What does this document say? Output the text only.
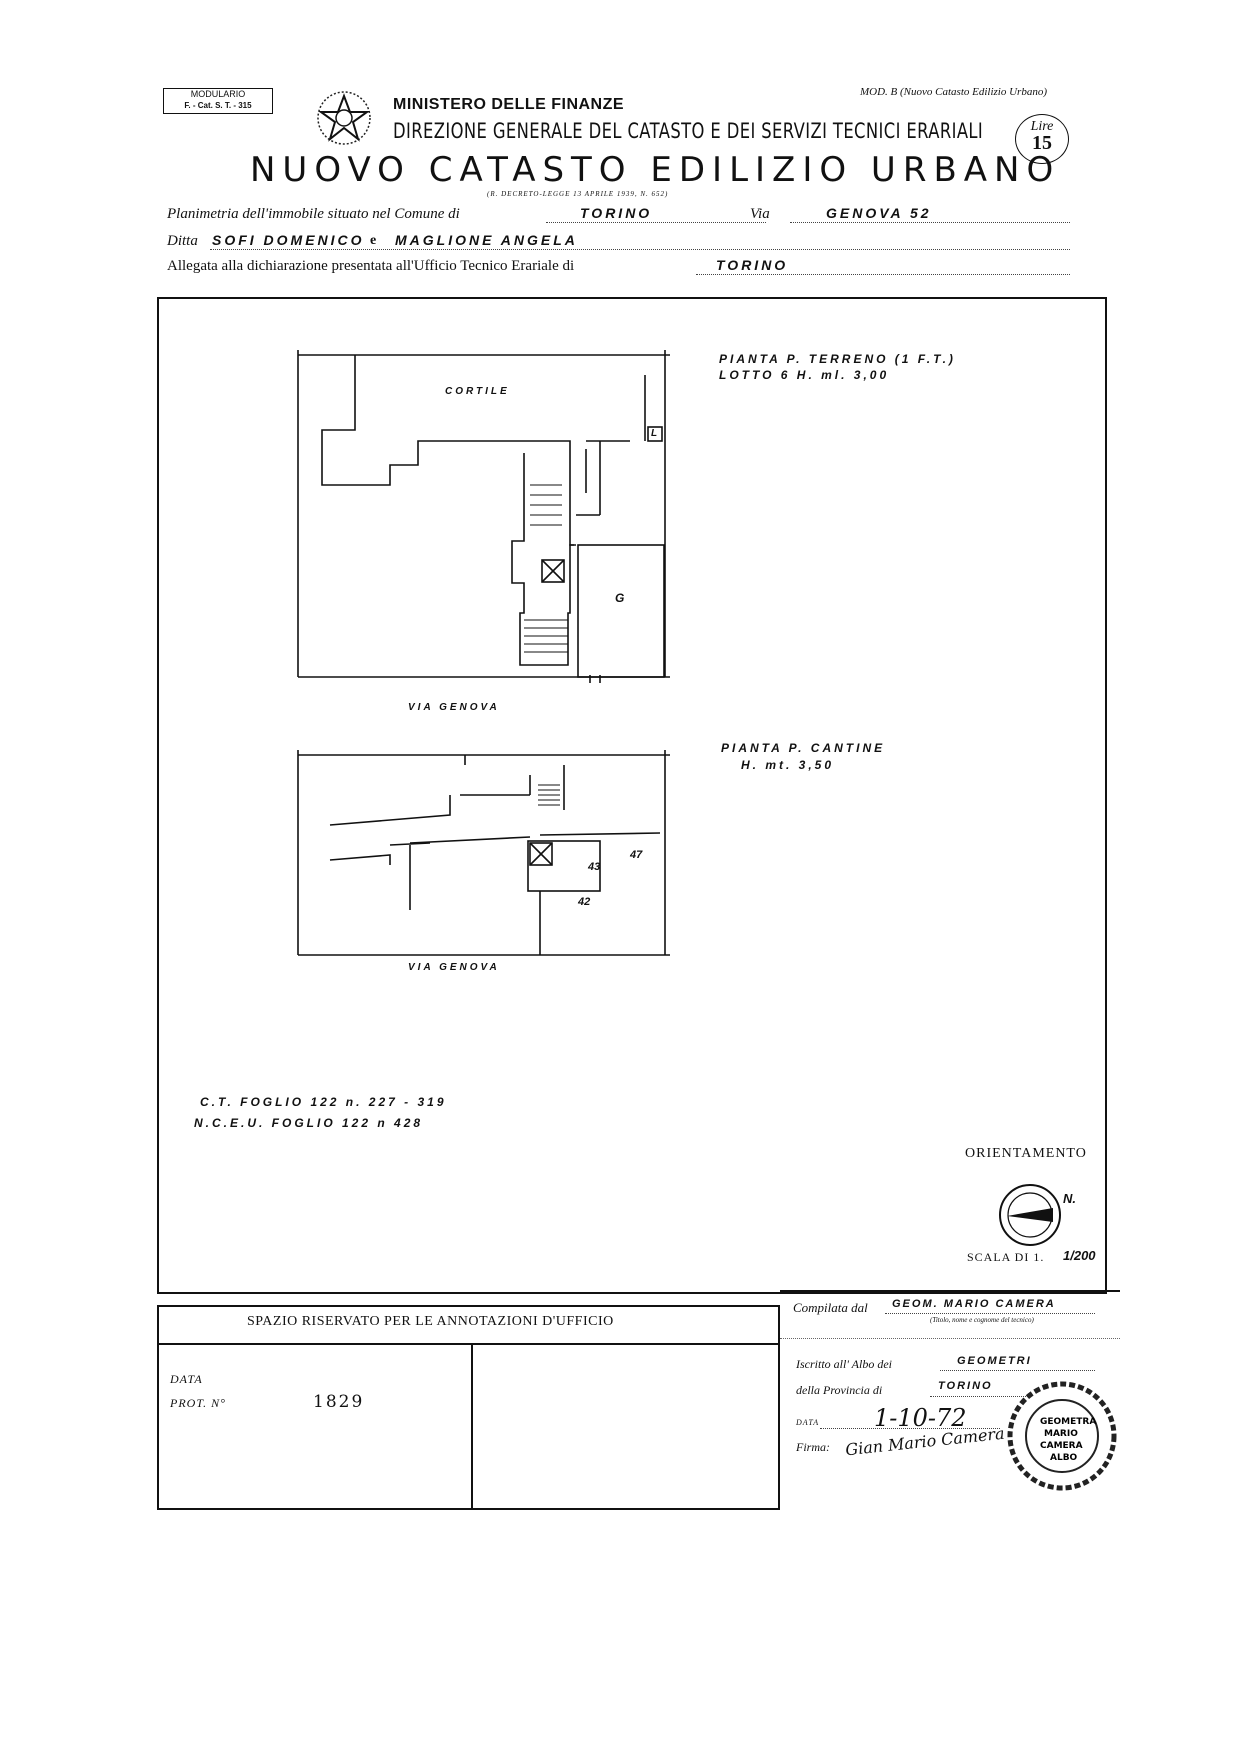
MODULARIO
F. - Cat. S. T. - 315
MOD. B (Nuovo Catasto Edilizio Urbano)
MINISTERO DELLE FINANZE
DIREZIONE GENERALE DEL CATASTO E DEI SERVIZI TECNICI ERARIALI
NUOVO CATASTO EDILIZIO URBANO
(R. DECRETO-LEGGE 13 APRILE 1939, N. 652)
Lire
15
Planimetria dell'immobile situato nel Comune di	TORINO	Via	GENOVA 52
Ditta SOFI DOMENICO e MAGLIONE ANGELA
Allegata alla dichiarazione presentata all'Ufficio Tecnico Erariale di	TORINO
CORTILE
G
L
VIA GENOVA
PIANTA P. TERRENO (1 F.T.)
LOTTO 6 H. ml. 3,00
43
47
42
VIA GENOVA
PIANTA P. CANTINE
H. mt. 3,50
C.T. FOGLIO 122 n. 227 - 319
N.C.E.U. FOGLIO 122 n 428
ORIENTAMENTO
N.
SCALA DI 1. 1/200
SPAZIO RISERVATO PER LE ANNOTAZIONI D'UFFICIO
DATA
PROT. N°	1829
Compilata dal GEOM. MARIO CAMERA
(Titolo, nome e cognome del tecnico)
Iscritto all' Albo dei	GEOMETRI
della Provincia di	TORINO
DATA 1-10-72
Firma: Gian Mario Camera
GEOMETRA
MARIO
CAMERA
ALBO
